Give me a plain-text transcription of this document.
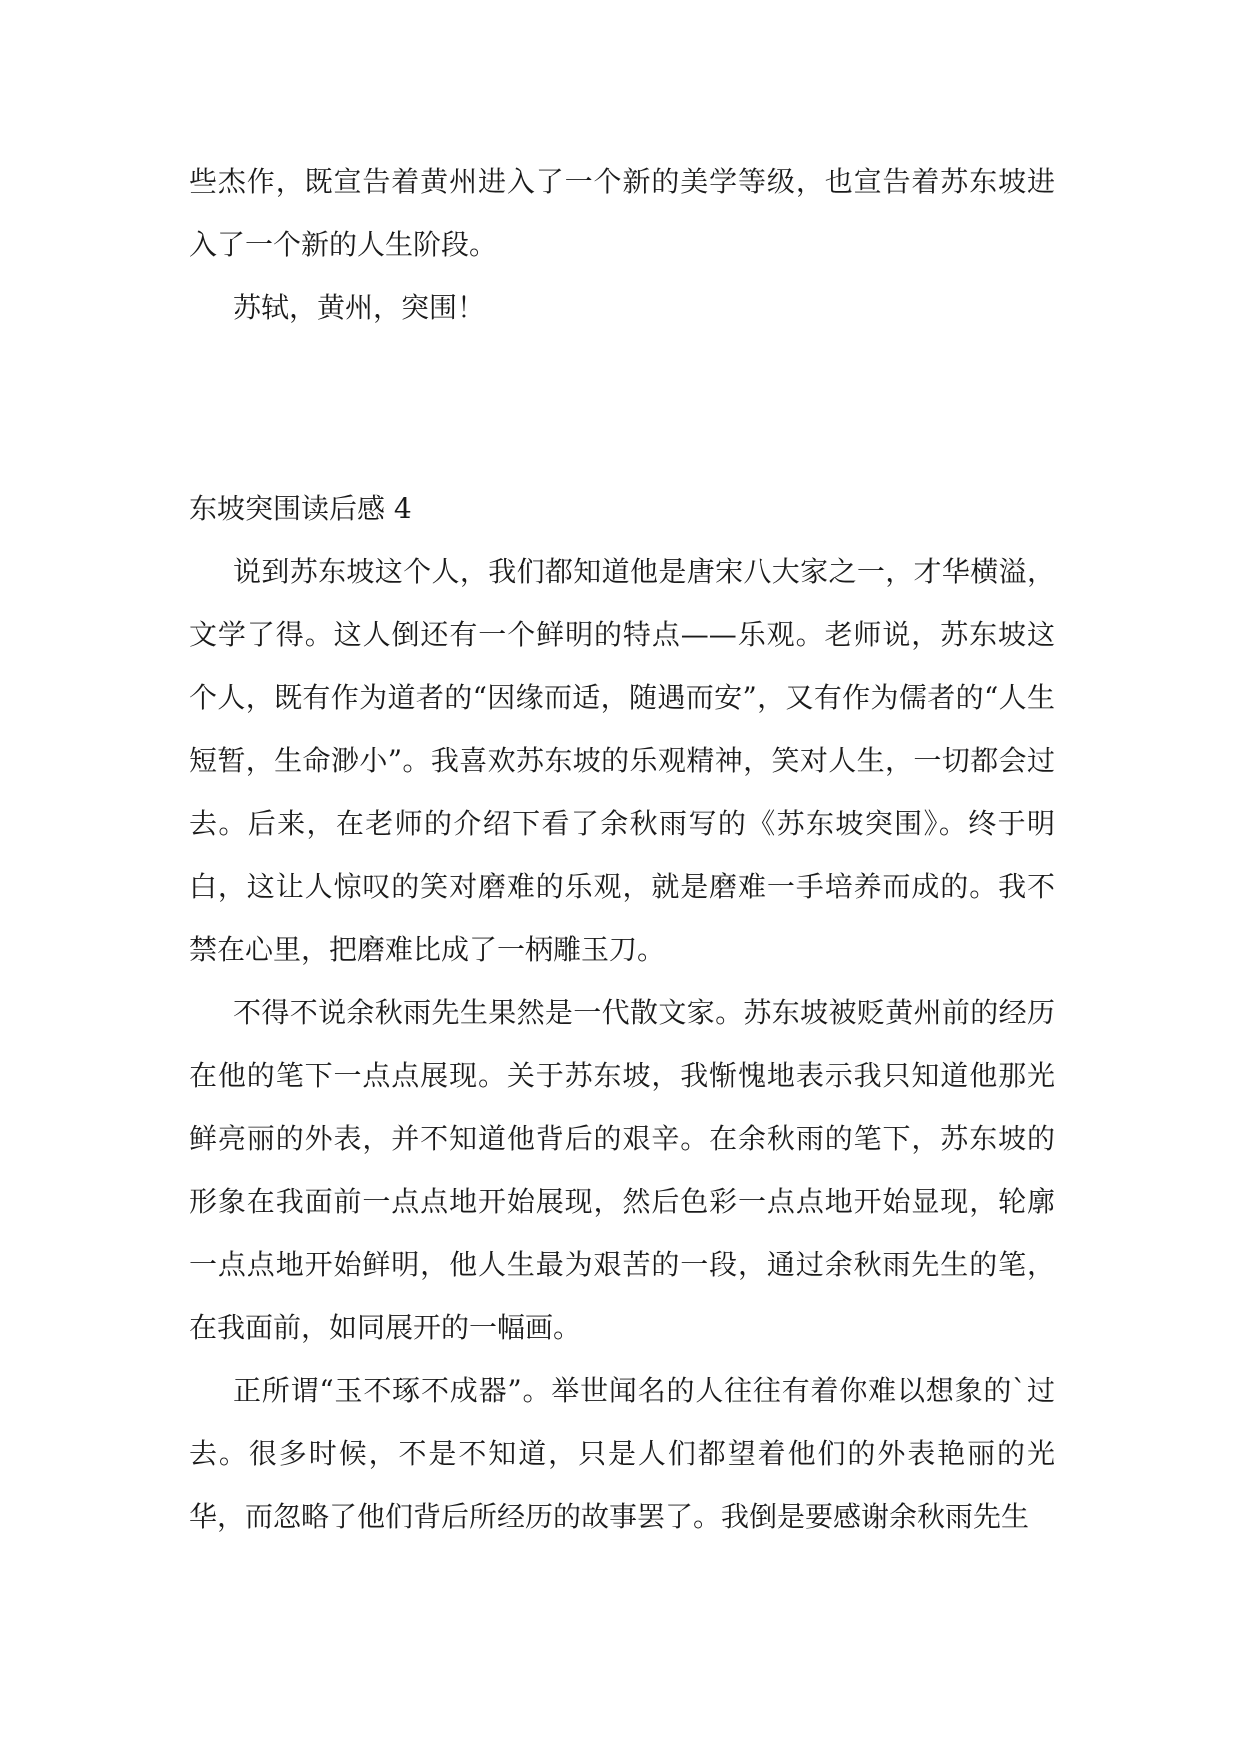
些杰作，既宣告着黄州进入了一个新的美学等级，也宣告着苏东坡进入了一个新的人生阶段。

苏轼，黄州，突围！

东坡突围读后感 4

说到苏东坡这个人，我们都知道他是唐宋八大家之一，才华横溢，文学了得。这人倒还有一个鲜明的特点——乐观。老师说，苏东坡这个人，既有作为道者的“因缘而适，随遇而安”，又有作为儒者的“人生短暂，生命渺小”。我喜欢苏东坡的乐观精神，笑对人生，一切都会过去。后来，在老师的介绍下看了余秋雨写的《苏东坡突围》。终于明白，这让人惊叹的笑对磨难的乐观，就是磨难一手培养而成的。我不禁在心里，把磨难比成了一柄雕玉刀。

不得不说余秋雨先生果然是一代散文家。苏东坡被贬黄州前的经历在他的笔下一点点展现。关于苏东坡，我惭愧地表示我只知道他那光鲜亮丽的外表，并不知道他背后的艰辛。在余秋雨的笔下，苏东坡的形象在我面前一点点地开始展现，然后色彩一点点地开始显现，轮廓一点点地开始鲜明，他人生最为艰苦的一段，通过余秋雨先生的笔，在我面前，如同展开的一幅画。

正所谓“玉不琢不成器”。举世闻名的人往往有着你难以想象的`过去。很多时候，不是不知道，只是人们都望着他们的外表艳丽的光华，而忽略了他们背后所经历的故事罢了。我倒是要感谢余秋雨先生
